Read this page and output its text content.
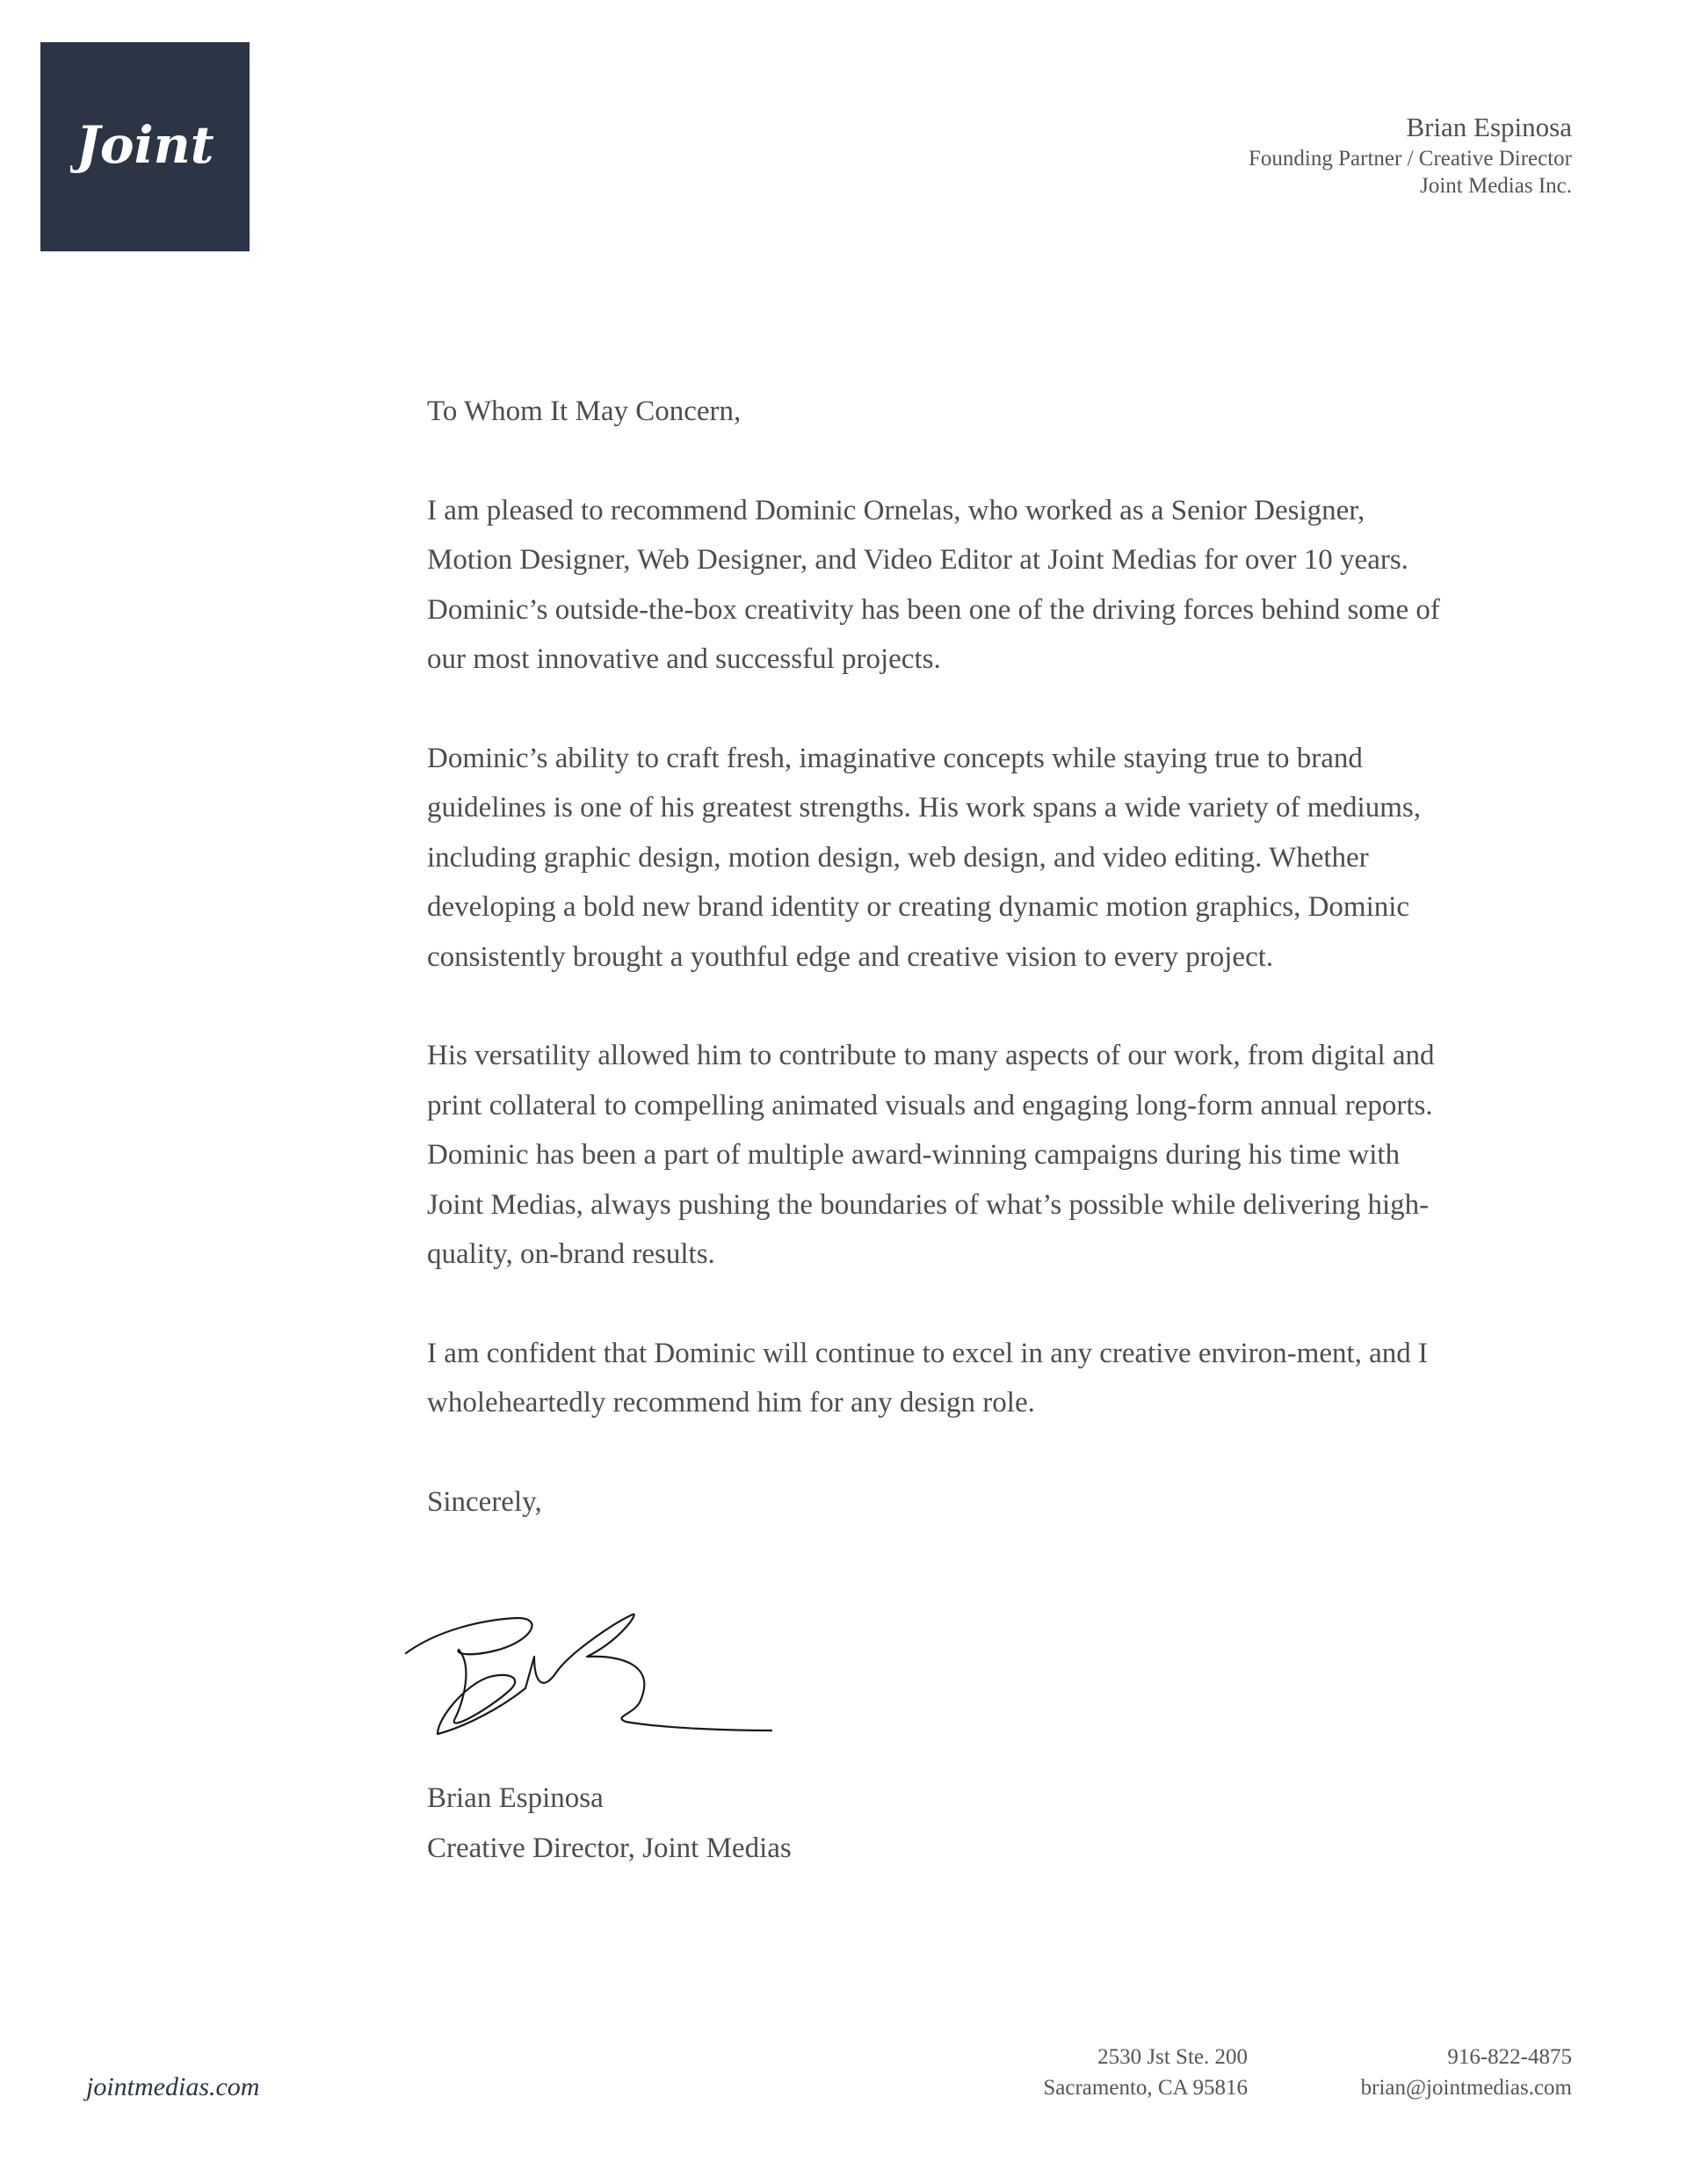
Joint	Brian Espinosa
Founding Partner / Creative Director
Joint Medias Inc.

To Whom It May Concern,

I am pleased to recommend Dominic Ornelas, who worked as a Senior Designer, Motion Designer, Web Designer, and Video Editor at Joint Medias for over 10 years. Dominic’s outside-the-box creativity has been one of the driving forces behind some of our most innovative and successful projects.

Dominic’s ability to craft fresh, imaginative concepts while staying true to brand guidelines is one of his greatest strengths. His work spans a wide variety of mediums, including graphic design, motion design, web design, and video editing. Whether developing a bold new brand identity or creating dynamic motion graphics, Dominic consistently brought a youthful edge and creative vision to every project.

His versatility allowed him to contribute to many aspects of our work, from digital and print collateral to compelling animated visuals and engaging long-form annual reports. Dominic has been a part of multiple award-winning campaigns during his time with Joint Medias, always pushing the boundaries of what’s possible while delivering high-quality, on-brand results.

I am confident that Dominic will continue to excel in any creative environ-ment, and I wholeheartedly recommend him for any design role.

Sincerely,

Brian Espinosa

Creative Director, Joint Medias

jointmedias.com
2530 Jst Ste. 200
Sacramento, CA 95816
916-822-4875
brian@jointmedias.com
